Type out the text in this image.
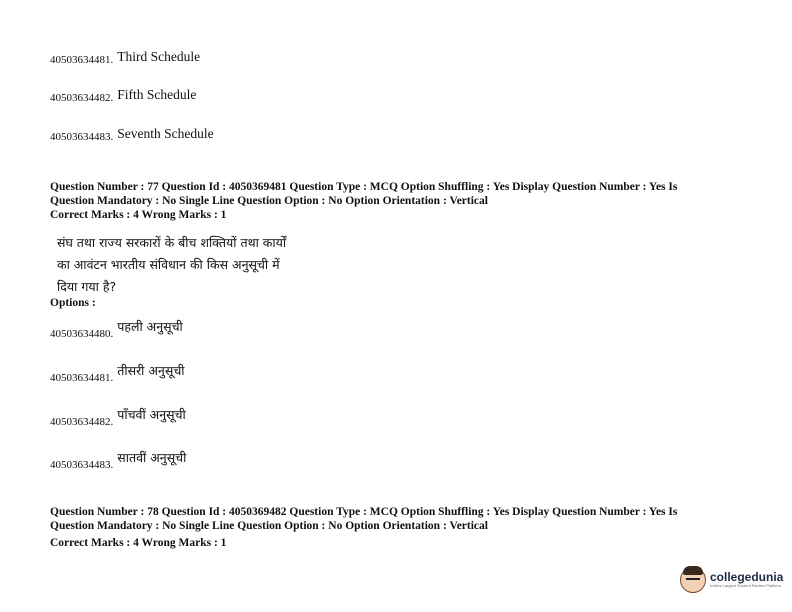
40503634481. Third Schedule
40503634482. Fifth Schedule
40503634483. Seventh Schedule
Question Number : 77 Question Id : 4050369481 Question Type : MCQ Option Shuffling : Yes Display Question Number : Yes Is
Question Mandatory : No Single Line Question Option : No Option Orientation : Vertical
Correct Marks : 4 Wrong Marks : 1
संघ तथा राज्य सरकारों के बीच शक्तियों तथा कार्यों
का आवंटन भारतीय संविधान की किस अनुसूची में
दिया गया है?
Options :
40503634480. पहली अनुसूची
40503634481. तीसरी अनुसूची
40503634482. पाँचवीं अनुसूची
40503634483. सातवीं अनुसूची
Question Number : 78 Question Id : 4050369482 Question Type : MCQ Option Shuffling : Yes Display Question Number : Yes Is
Question Mandatory : No Single Line Question Option : No Option Orientation : Vertical
Correct Marks : 4 Wrong Marks : 1
collegedunia
India's Largest Student Review Platform
